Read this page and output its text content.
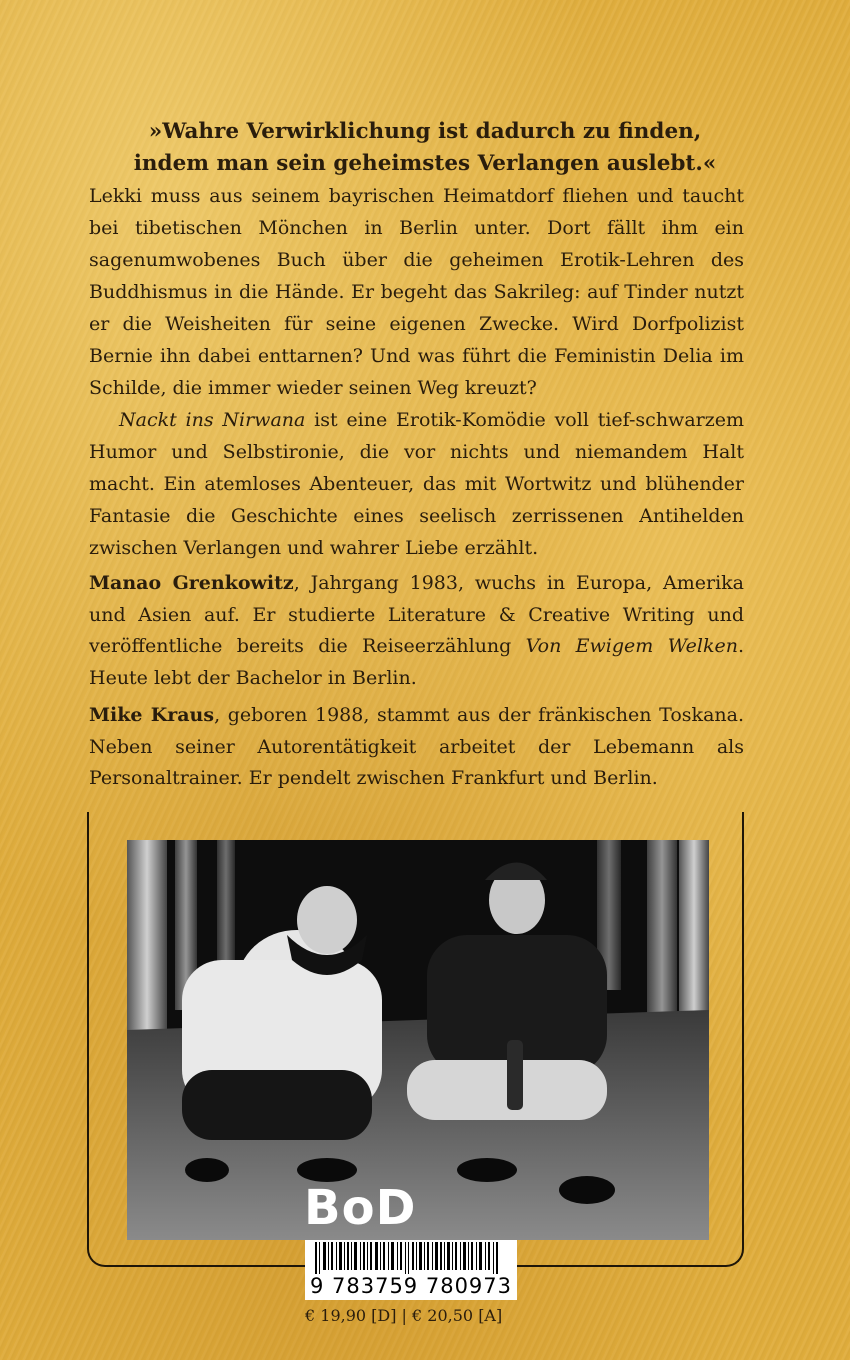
»Wahre Verwirklichung ist dadurch zu finden,
indem man sein geheimstes Verlangen auslebt.«

Lekki muss aus seinem bayrischen Heimatdorf fliehen und taucht bei tibetischen Mönchen in Berlin unter. Dort fällt ihm ein sagenumwobenes Buch über die geheimen Erotik-Lehren des Buddhismus in die Hände. Er begeht das Sakrileg: auf Tinder nutzt er die Weisheiten für seine eigenen Zwecke. Wird Dorfpolizist Bernie ihn dabei enttarnen? Und was führt die Feministin Delia im Schilde, die immer wieder seinen Weg kreuzt?

Nackt ins Nirwana ist eine Erotik-Komödie voll tief-schwarzem Humor und Selbstironie, die vor nichts und niemandem Halt macht. Ein atemloses Abenteuer, das mit Wortwitz und blühender Fantasie die Geschichte eines seelisch zerrissenen Antihelden zwischen Verlangen und wahrer Liebe erzählt.

Manao Grenkowitz, Jahrgang 1983, wuchs in Europa, Amerika und Asien auf. Er studierte Literature & Creative Writing und veröffentliche bereits die Reiseerzählung Von Ewigem Welken. Heute lebt der Bachelor in Berlin.
Mike Kraus, geboren 1988, stammt aus der fränkischen Toskana. Neben seiner Autorentätigkeit arbeitet der Lebemann als Personaltrainer. Er pendelt zwischen Frankfurt und Berlin.
BoD
9 783759 780973
€ 19,90 [D] | € 20,50 [A]
